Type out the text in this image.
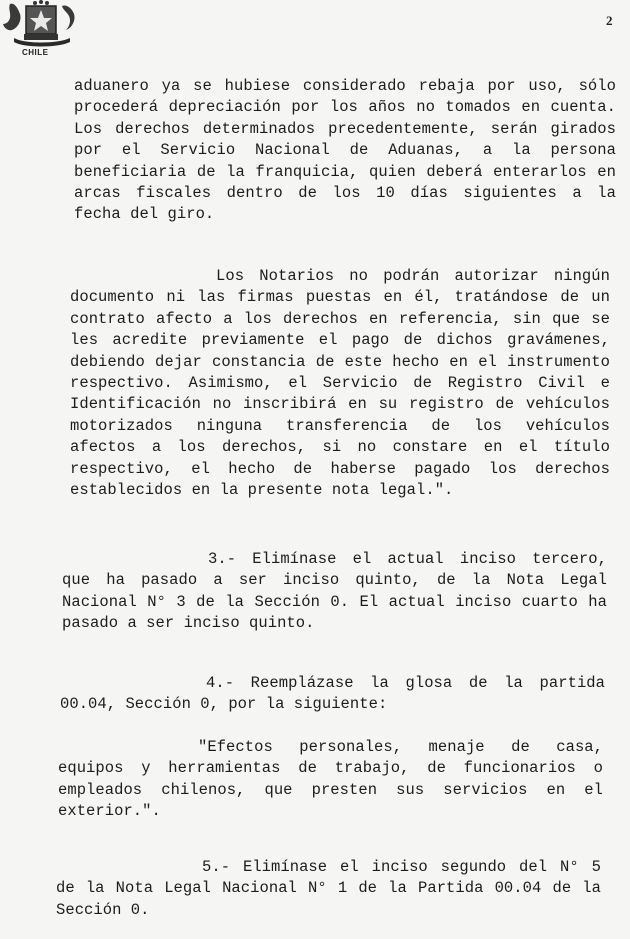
CHILE
2

aduanero ya se hubiese considerado rebaja por uso, sólo procederá depreciación por los años no tomados en cuenta. Los derechos determinados precedentemente, serán girados por el Servicio Nacional de Aduanas, a la persona beneficiaria de la franquicia, quien deberá enterarlos en arcas fiscales dentro de los 10 días siguientes a la fecha del giro.

Los Notarios no podrán autorizar ningún documento ni las firmas puestas en él, tratándose de un contrato afecto a los derechos en referencia, sin que se les acredite previamente el pago de dichos gravámenes, debiendo dejar constancia de este hecho en el instrumento respectivo. Asimismo, el Servicio de Registro Civil e Identificación no inscribirá en su registro de vehículos motorizados ninguna transferencia de los vehículos afectos a los derechos, si no constare en el título respectivo, el hecho de haberse pagado los derechos establecidos en la presente nota legal.".

3.- Elimínase el actual inciso tercero, que ha pasado a ser inciso quinto, de la Nota Legal Nacional N° 3 de la Sección 0. El actual inciso cuarto ha pasado a ser inciso quinto.

4.- Reemplázase la glosa de la partida 00.04, Sección 0, por la siguiente:

"Efectos personales, menaje de casa, equipos y herramientas de trabajo, de funcionarios o empleados chilenos, que presten sus servicios en el exterior.".

5.- Elimínase el inciso segundo del N° 5 de la Nota Legal Nacional N° 1 de la Partida 00.04 de la Sección 0.
